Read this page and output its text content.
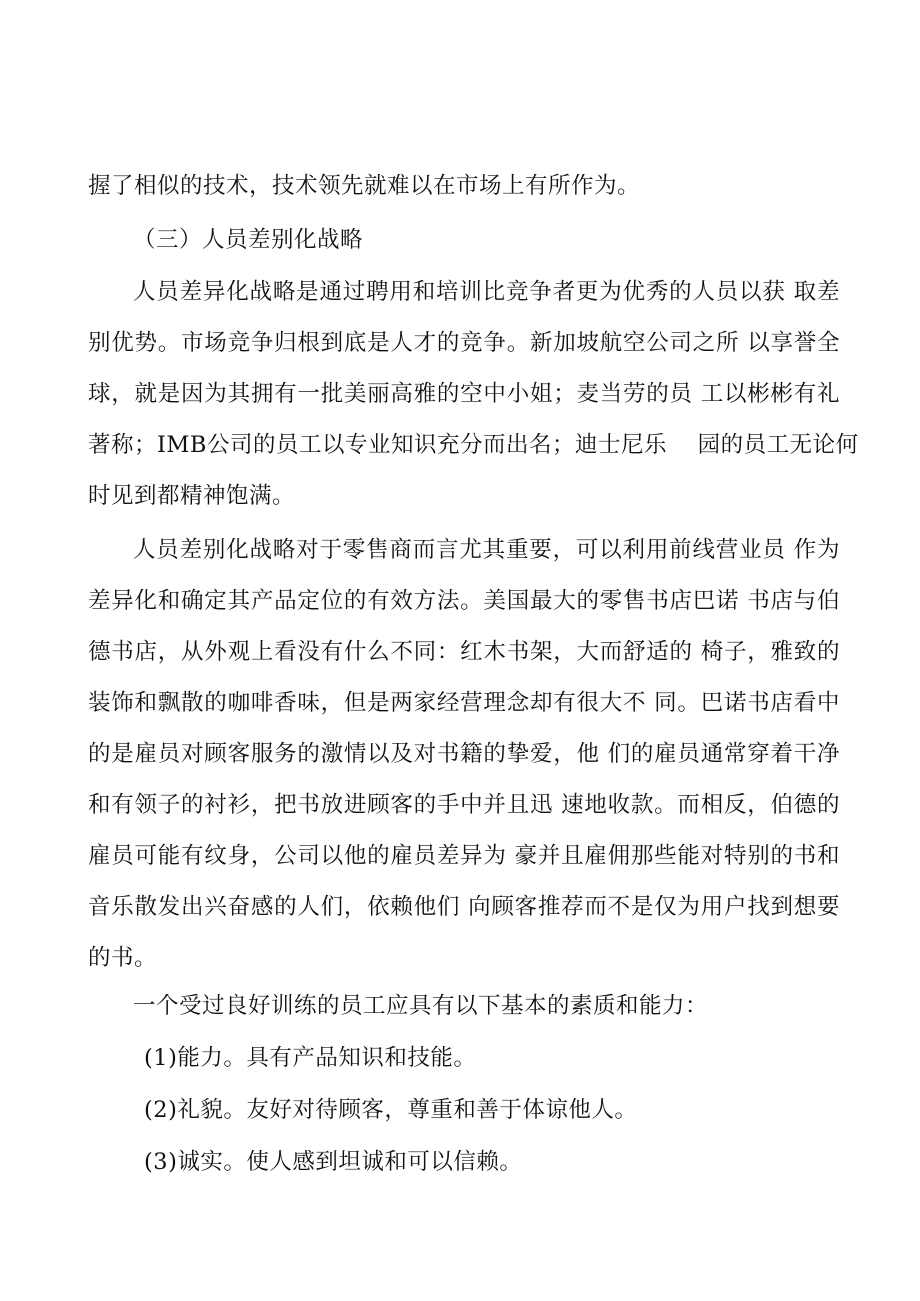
握了相似的技术，技术领先就难以在市场上有所作为。
（三）人员差别化战略
人员差异化战略是通过聘用和培训比竞争者更为优秀的人员以获 取差
别优势。市场竞争归根到底是人才的竞争。新加坡航空公司之所 以享誉全
球，就是因为其拥有一批美丽高雅的空中小姐；麦当劳的员 工以彬彬有礼
著称；IMB公司的员工以专业知识充分而出名；迪士尼乐　 园的员工无论何
时见到都精神饱满。
人员差别化战略对于零售商而言尤其重要，可以利用前线营业员 作为
差异化和确定其产品定位的有效方法。美国最大的零售书店巴诺 书店与伯
德书店，从外观上看没有什么不同：红木书架，大而舒适的 椅子，雅致的
装饰和飘散的咖啡香味，但是两家经营理念却有很大不 同。巴诺书店看中
的是雇员对顾客服务的激情以及对书籍的挚爱，他 们的雇员通常穿着干净
和有领子的衬衫，把书放进顾客的手中并且迅 速地收款。而相反，伯德的
雇员可能有纹身，公司以他的雇员差异为 豪并且雇佣那些能对特别的书和
音乐散发出兴奋感的人们，依赖他们 向顾客推荐而不是仅为用户找到想要
的书。
一个受过良好训练的员工应具有以下基本的素质和能力：
(1)能力。具有产品知识和技能。
(2)礼貌。友好对待顾客，尊重和善于体谅他人。
(3)诚实。使人感到坦诚和可以信赖。
